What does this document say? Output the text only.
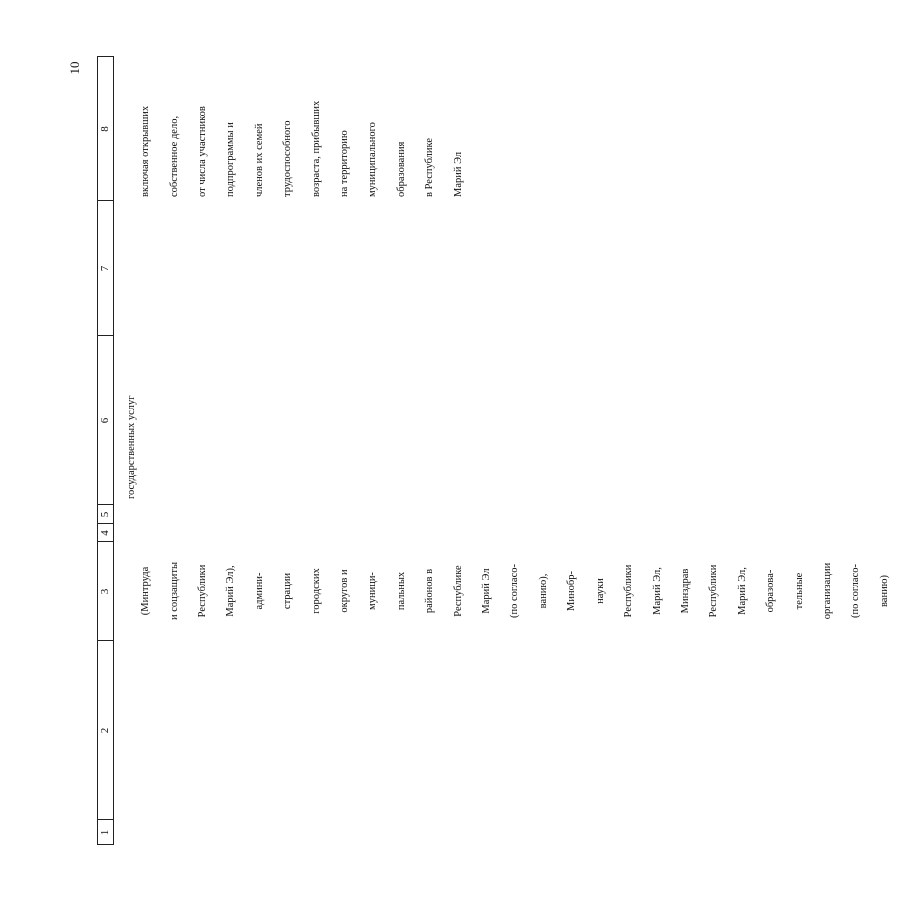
10
1
2
3
4
5
6
7
8

(Минтруда и соцзащиты Республики Марий Эл), админи- страции городских округов и муници- пальных районов в Республике Марий Эл (по согласо- ванию), Минобр- науки Республики Марий Эл, Минздрав Республики Марий Эл, образова- тельные организации (по согласо- ванию)

государственных услуг

включая открывших собственное дело, от числа участников подпрограммы и членов их семей трудоспособного возраста, прибывших на территорию муниципального образования в Республике Марий Эл
